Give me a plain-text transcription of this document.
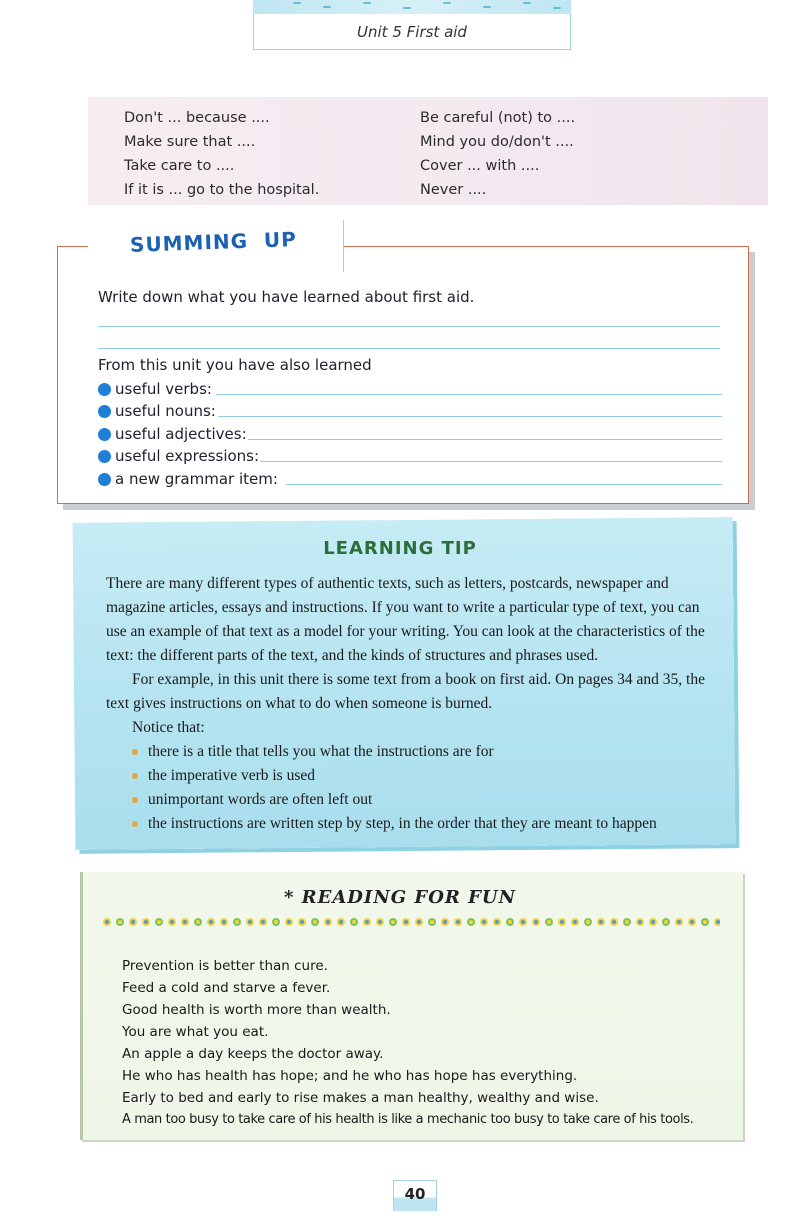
Unit 5 First aid
Don't ... because ....
Make sure that ....
Take care to ....
If it is ... go to the hospital.
Be careful (not) to ....
Mind you do/don't ....
Cover ... with ....
Never ....
SUMMING  UP
Write down what you have learned about first aid.
From this unit you have also learned
useful verbs:
useful nouns:
useful adjectives:
useful expressions:
a new grammar item:
LEARNING TIP

There are many different types of authentic texts, such as letters, postcards, newspaper and magazine articles, essays and instructions. If you want to write a particular type of text, you can use an example of that text as a model for your writing. You can look at the characteristics of the text: the different parts of the text, and the kinds of structures and phrases used.

For example, in this unit there is some text from a book on first aid. On pages 34 and 35, the text gives instructions on what to do when someone is burned.

Notice that:

there is a title that tells you what the instructions are for
the imperative verb is used
unimportant words are often left out
the instructions are written step by step, in the order that they are meant to happen
* READING FOR FUN
Prevention is better than cure.
Feed a cold and starve a fever.
Good health is worth more than wealth.
You are what you eat.
An apple a day keeps the doctor away.
He who has health has hope; and he who has hope has everything.
Early to bed and early to rise makes a man healthy, wealthy and wise.
A man too busy to take care of his health is like a mechanic too busy to take care of his tools.
40
